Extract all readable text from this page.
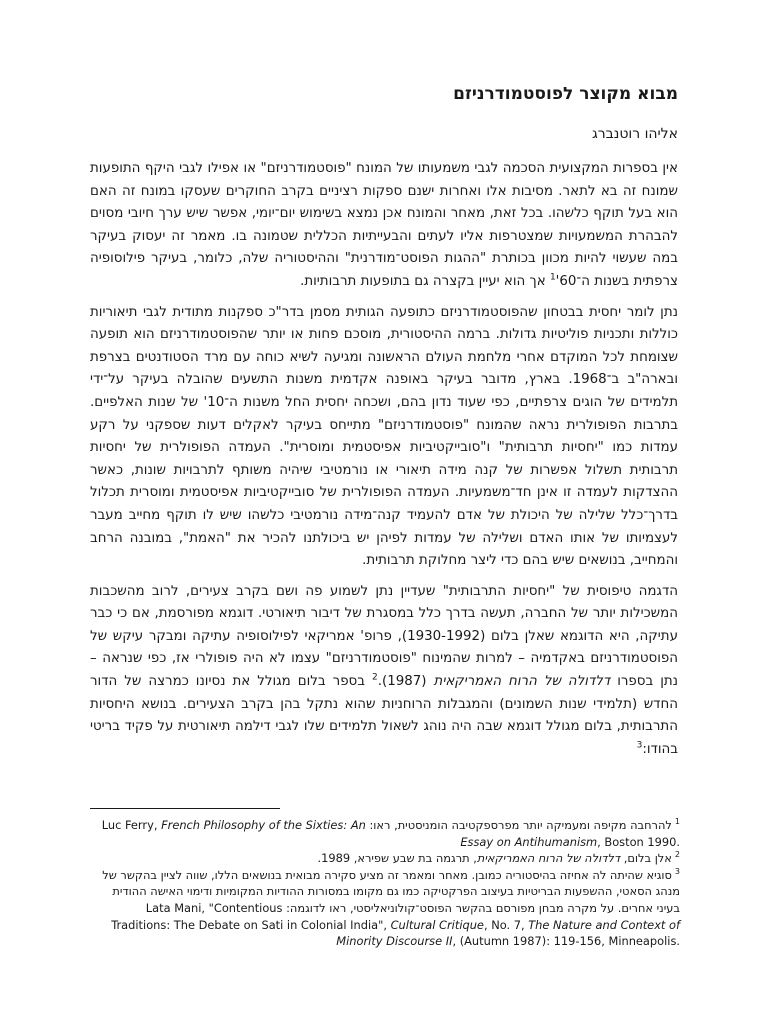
מבוא מקוצר לפוסטמודרניזם
אליהו רוטנברג

אין בספרות המקצועית הסכמה לגבי משמעותו של המונח "פוסטמודרניזם" או אפילו לגבי היקף התופעות שמונח זה בא לתאר. מסיבות אלו ואחרות ישנם ספקות רציניים בקרב החוקרים שעסקו במונח זה האם הוא בעל תוקף כלשהו. בכל זאת, מאחר והמונח אכן נמצא בשימוש יום־יומי, אפשר שיש ערך חיובי מסוים להבהרת המשמעויות שמצטרפות אליו לעתים והבעייתיות הכללית שטמונה בו. מאמר זה יעסוק בעיקר במה שעשוי להיות מכוון בכותרת "ההגות הפוסט־מודרנית" וההיסטוריה שלה, כלומר, בעיקר פילוסופיה צרפתית בשנות $ה־60'^1$ אך הוא יעיין בקצרה גם בתופעות תרבותיות.

נתן לומר יחסית בבטחון שהפוסטמודרניזם כתופעה הגותית מסמן בדר"כ ספקנות מתודית לגבי תיאוריות כוללות ותכניות פוליטיות גדולות. ברמה ההיסטורית, מוסכם פחות או יותר שהפוסטמודרניזם הוא תופעה שצומחת לכל המוקדם אחרי מלחמת העולם הראשונה ומגיעה לשיא כוחה עם מרד הסטודנטים בצרפת ובארה"ב ב־1968. בארץ, מדובר בעיקר באופנה אקדמית משנות התשעים שהובלה בעיקר על־ידי תלמידים של הוגים צרפתיים, כפי שעוד נדון בהם, ושכחה יחסית החל משנות ה־10' של שנות האלפיים. בתרבות הפופולרית נראה שהמונח "פוסטמודרניזם" מתייחס בעיקר לאקלים דעות שספקני על רקע עמדות כמו "יחסיות תרבותית" ו"סובייקטיביות אפיסטמית ומוסרית". העמדה הפופולרית של יחסיות תרבותית תשלול אפשרות של קנה מידה תיאורי או נורמטיבי שיהיה משותף לתרבויות שונות, כאשר ההצדקות לעמדה זו אינן חד־משמעיות. העמדה הפופולרית של סובייקטיביות אפיסטמית ומוסרית תכלול בדרך־כלל שלילה של היכולת של אדם להעמיד קנה־מידה נורמטיבי כלשהו שיש לו תוקף מחייב מעבר לעצמיותו של אותו האדם ושלילה של עמדות לפיהן יש ביכולתנו להכיר את "האמת", במובנה הרחב והמחייב, בנושאים שיש בהם כדי ליצר מחלוקת תרבותית.

הדגמה טיפוסית של "יחסיות התרבותית" שעדיין נתן לשמוע פה ושם בקרב צעירים, לרוב מהשכבות המשכילות יותר של החברה, תעשה בדרך כלל במסגרת של דיבור תיאורטי. דוגמא מפורסמת, אם כי כבר עתיקה, היא הדוגמא שאלן בלום (1930-1992), פרופ' אמריקאי לפילוסופיה עתיקה ומבקר עיקש של הפוסטמודרניזם באקדמיה – למרות שהמינוח "פוסטמודרניזם" עצמו לא היה פופולרי אז, כפי שנראה – נתן בספרו דלדולה של הרוח האמריקאית (1987).$^2$ בספר בלום מגולל את נסיונו כמרצה של הדור החדש (תלמידי שנות השמונים) והמגבלות הרוחניות שהוא נתקל בהן בקרב הצעירים. בנושא היחסיות התרבותית, בלום מגולל דוגמא שבה היה נוהג לשאול תלמידים שלו לגבי דילמה תיאורטית על פקיד בריטי בהודו:$^3$

$^1$להרחבה מקיפה ומעמיקה יותר מפרספקטיבה הומניסטית, ראו: Luc Ferry, French Philosophy of the Sixties: An Essay on Antihumanism, Boston 1990.
$^2$אלן בלום, דלדולה של הרוח האמריקאית, תרגמה בת שבע שפירא, 1989.
$^3$סוגיא שהיתה לה אחיזה בהיסטוריה כמובן. מאחר ומאמר זה מציע סקירה מבואית בנושאים הללו, שווה לציין בהקשר של מנהג הסאטי, ההשפעות הבריטיות בעיצוב הפרקטיקה כמו גם מקומו במסורות ההודיות המקומיות ודימוי האישה ההודית בעיני אחרים. על מקרה מבחן מפורסם בהקשר הפוסט־קולוניאליסטי, ראו לדוגמה: Lata Mani, "Contentious Traditions: The Debate on Sati in Colonial India", Cultural Critique, No. 7, The Nature and Context of Minority Discourse II, (Autumn 1987): 119-156, Minneapolis.
